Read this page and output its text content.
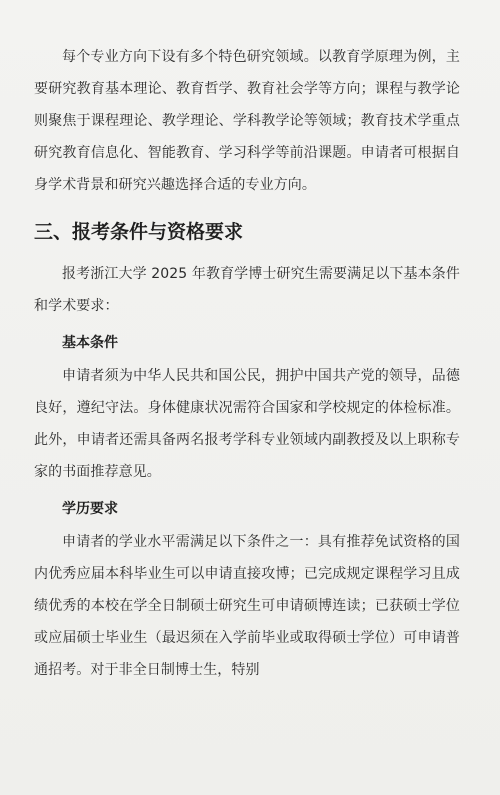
每个专业方向下设有多个特色研究领域。以教育学原理为例，主要研究教育基本理论、教育哲学、教育社会学等方向；课程与教学论则聚焦于课程理论、教学理论、学科教学论等领域；教育技术学重点研究教育信息化、智能教育、学习科学等前沿课题。申请者可根据自身学术背景和研究兴趣选择合适的专业方向。

三、报考条件与资格要求

报考浙江大学 2025 年教育学博士研究生需要满足以下基本条件和学术要求：

基本条件

申请者须为中华人民共和国公民，拥护中国共产党的领导，品德良好，遵纪守法。身体健康状况需符合国家和学校规定的体检标准。此外，申请者还需具备两名报考学科专业领域内副教授及以上职称专家的书面推荐意见。

学历要求

申请者的学业水平需满足以下条件之一：具有推荐免试资格的国内优秀应届本科毕业生可以申请直接攻博；已完成规定课程学习且成绩优秀的本校在学全日制硕士研究生可申请硕博连读；已获硕士学位或应届硕士毕业生（最迟须在入学前毕业或取得硕士学位）可申请普通招考。对于非全日制博士生，特别
